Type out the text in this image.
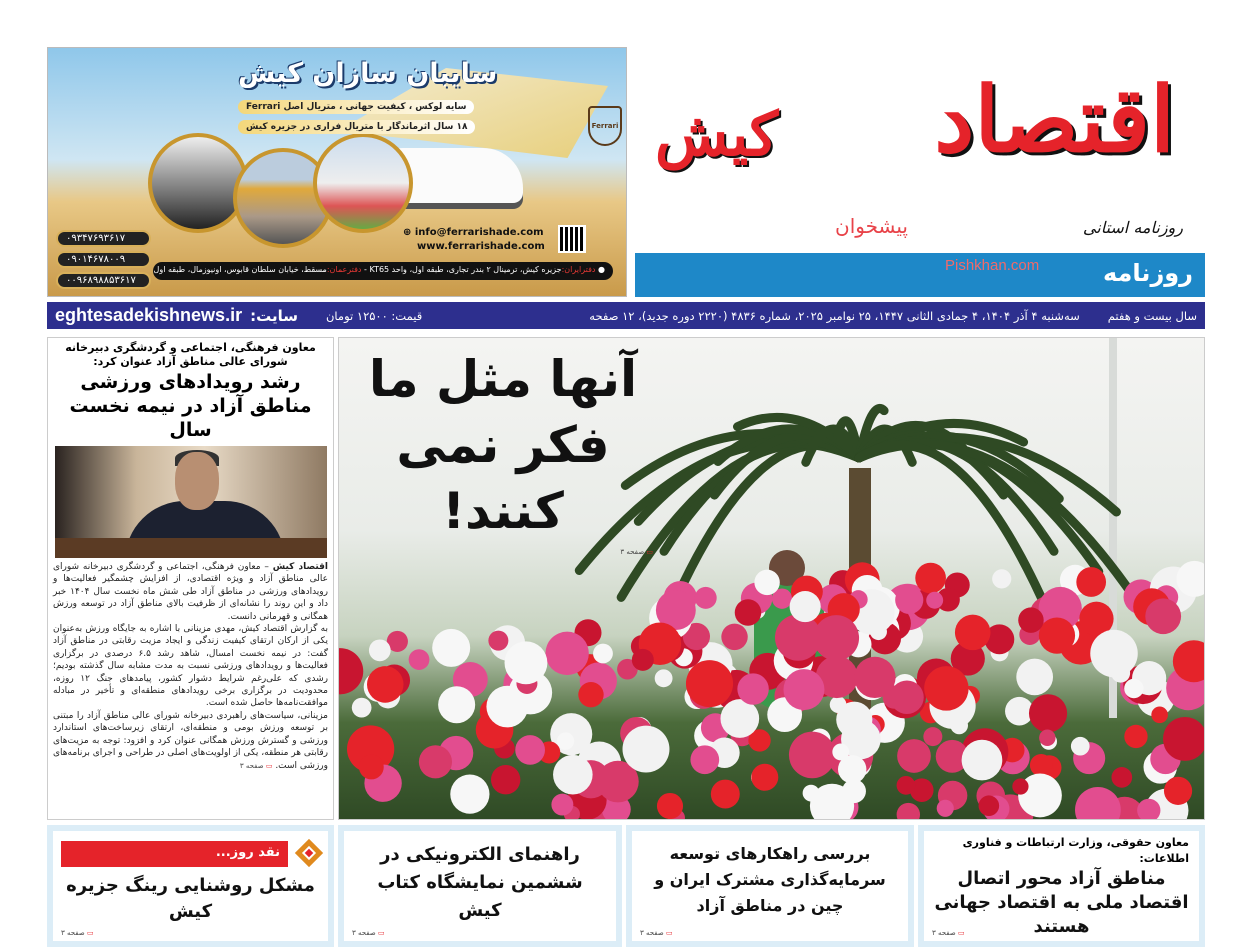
سایبان سازان کیش
سایه لوکس ، کیفیت جهانی ، متریال اصل Ferrari
۱۸ سال اثرماندگار با متریال فراری در جزیره کیش	Ferrari
۰۹۳۴۷۶۹۳۶۱۷
۰۹۰۱۴۶۷۸۰۰۹
۰۰۹۶۸۹۸۸۵۳۶۱۷
⊕ info@ferrarishade.com
www.ferrarishade.com
● دفترایران:جزیره کیش، ترمینال ۲ بندر تجاری، طبقه اول، واحد KT65 - دفترعمان:مسقط، خیابان سلطان قابوس، اونیوزمال، طبقه اول	روزنامه
اقتصاد
کیش
روزنامه استانی
پیشخوان
Pishkhan.com
سال بیست و هفتم
سه‌شنبه ۴ آذر ۱۴۰۴، ۴ جمادی الثانی ۱۴۴۷، ۲۵ نوامبر ۲۰۲۵، شماره ۴۸۳۶ (۲۲۲۰ دوره جدید)، ۱۲ صفحه
قیمت: ۱۲۵۰۰ تومان
سایت:
eghtesadekishnews.ir
معاون فرهنگی، اجتماعی و گردشگری دبیرخانه شورای عالی مناطق آزاد عنوان کرد:
رشد رویدادهای ورزشی مناطق آزاد در نیمه نخست سال

اقتصاد کیش – معاون فرهنگی، اجتماعی و گردشگری دبیرخانه شورای عالی مناطق آزاد و ویژه اقتصادی، از افزایش چشمگیر فعالیت‌ها و رویدادهای ورزشی در مناطق آزاد طی شش ماه نخست سال ۱۴۰۴ خبر داد و این روند را نشانه‌ای از ظرفیت بالای مناطق آزاد در توسعه ورزش همگانی و قهرمانی دانست.

به گزارش اقتصاد کیش، مهدی مزینانی با اشاره به جایگاه ورزش به‌عنوان یکی از ارکان ارتقای کیفیت زندگی و ایجاد مزیت رقابتی در مناطق آزاد گفت: در نیمه نخست امسال، شاهد رشد ۶.۵ درصدی در برگزاری فعالیت‌ها و رویدادهای ورزشی نسبت به مدت مشابه سال گذشته بودیم؛ رشدی که علی‌رغم شرایط دشوار کشور، پیامدهای جنگ ۱۲ روزه، محدودیت در برگزاری برخی رویدادهای منطقه‌ای و تأخیر در مبادله موافقت‌نامه‌ها حاصل شده است.

مزینانی، سیاست‌های راهبردی دبیرخانه شورای عالی مناطق آزاد را مبتنی بر توسعه ورزش بومی و منطقه‌ای، ارتقای زیرساخت‌های استاندارد ورزشی و گسترش ورزش همگانی عنوان کرد و افزود: توجه به مزیت‌های رقابتی هر منطقه، یکی از اولویت‌های اصلی در طراحی و اجرای برنامه‌های ورزشی است. ▭ صفحه ۳

آنها مثل ما فکر نمی کنند!
▭ صفحه ۳
نقد روز...
مشکل روشنایی رینگ جزیره کیش
▭ صفحه ۳
راهنمای الکترونیکی در ششمین نمایشگاه کتاب کیش
▭ صفحه ۳
بررسی راهکارهای توسعه سرمایه‌گذاری مشترک ایران و چین در مناطق آزاد
▭ صفحه ۳
معاون حقوقی، وزارت ارتباطات و فناوری اطلاعات:
مناطق آزاد محور اتصال اقتصاد ملی به اقتصاد جهانی هستند
▭ صفحه ۳
